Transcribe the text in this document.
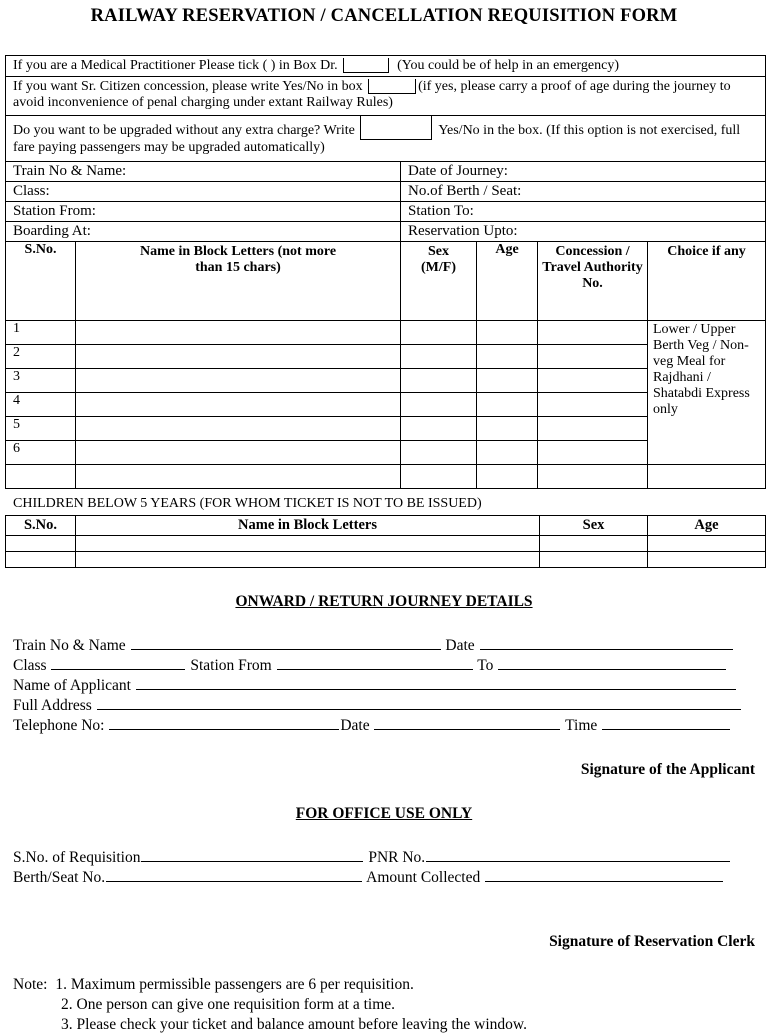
RAILWAY RESERVATION / CANCELLATION REQUISITION FORM
If you are a Medical Practitioner Please tick ( ) in Box Dr. (You could be of help in an emergency)					
If you want Sr. Citizen concession, please write Yes/No in box (if yes, please carry a proof of age during the journey to avoid inconvenience of penal charging under extant Railway Rules)					
Do you want to be upgraded without any extra charge? Write Yes/No in the box. (If this option is not exercised, full fare paying passengers may be upgraded automatically)					
Train No & Name:		Date of Journey:			
Class:		No.of Berth / Seat:			
Station From:		Station To:			
Boarding At:		Reservation Upto:			
S.No.	Name in Block Letters (not more than 15 chars)	Sex (M/F)	Age	Concession / Travel Authority No.	Choice if any
1					Lower / Upper Berth Veg / Non-veg Meal for Rajdhani / Shatabdi Express only
2					
3					
4					
5					
6					

CHILDREN BELOW 5 YEARS (FOR WHOM TICKET IS NOT TO BE ISSUED)
S.No.	Name in Block Letters	Sex	Age

ONWARD / RETURN JOURNEY DETAILS
Train No & Name	Date
Class	Station From	To
Name of Applicant
Full Address
Telephone No:	Date	Time
Signature of the Applicant
FOR OFFICE USE ONLY
S.No. of Requisition	PNR No.
Berth/Seat No.	Amount Collected
Signature of Reservation Clerk
Note: 1. Maximum permissible passengers are 6 per requisition.
2. One person can give one requisition form at a time.
3. Please check your ticket and balance amount before leaving the window.
